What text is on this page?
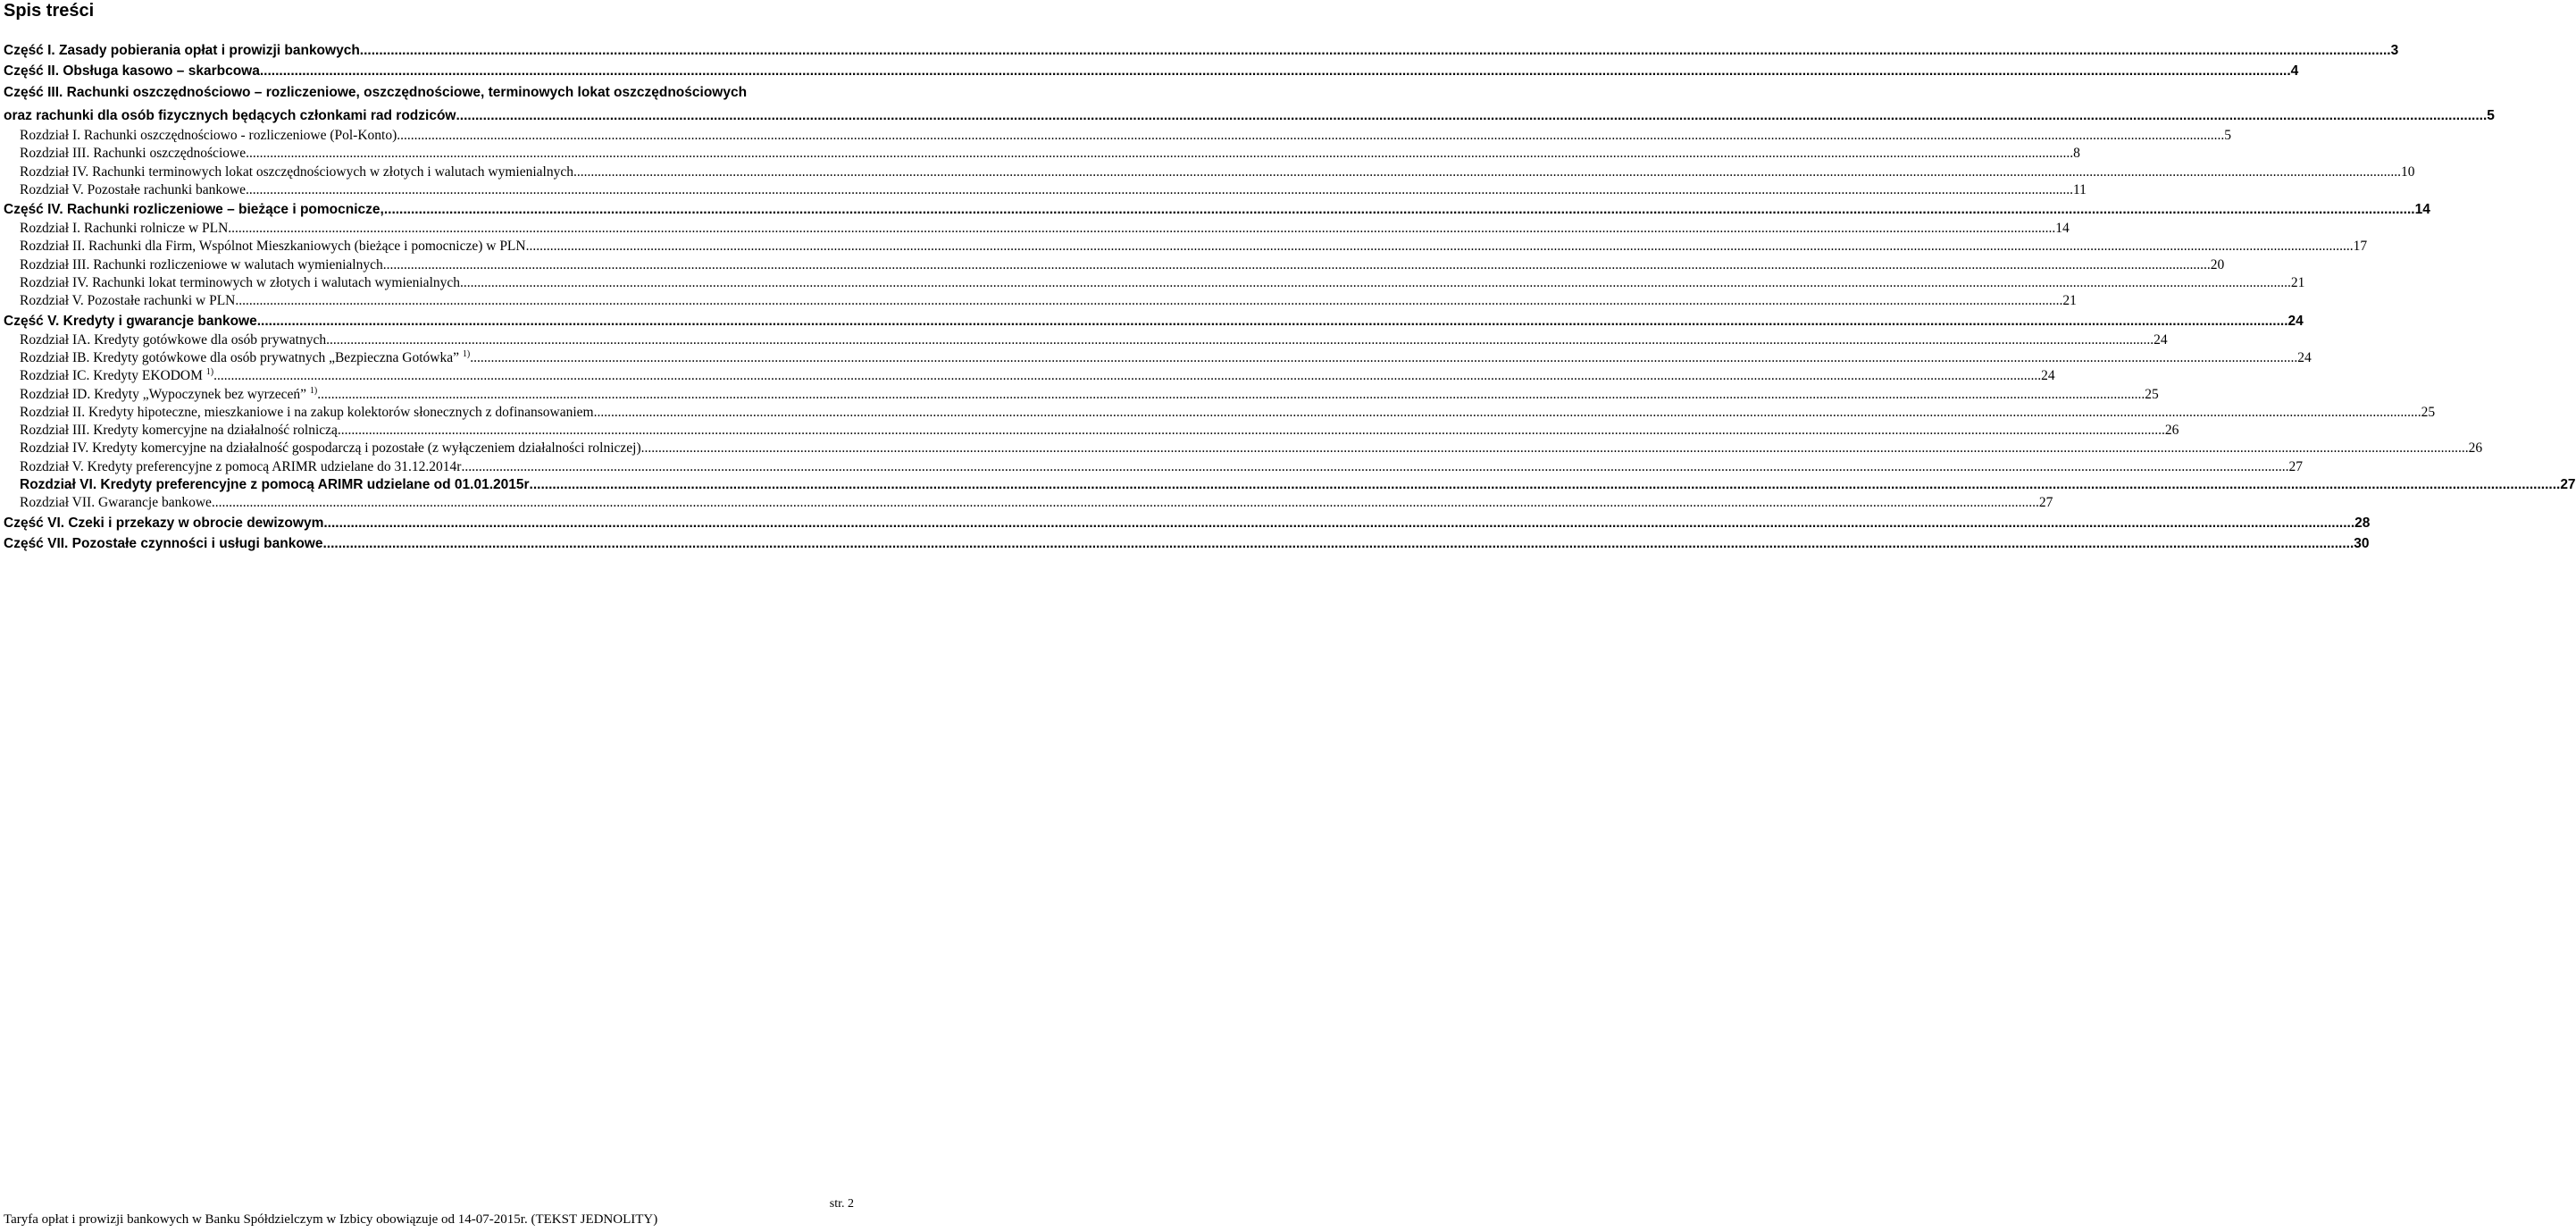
Spis treści
Część I. Zasady pobierania opłat i prowizji bankowych .....	3
Część II. Obsługa kasowo – skarbcowa .....	4
Część III. Rachunki oszczędnościowo – rozliczeniowe, oszczędnościowe, terminowych lokat oszczędnościowych
oraz rachunki dla osób fizycznych będących członkami rad rodziców .....	5
Rozdział I. Rachunki oszczędnościowo - rozliczeniowe (Pol-Konto) .....	5
Rozdział III. Rachunki oszczędnościowe .....	8
Rozdział IV. Rachunki terminowych lokat oszczędnościowych w złotych i walutach wymienialnych .....	10
Rozdział V. Pozostałe rachunki bankowe .....	11
Część IV. Rachunki rozliczeniowe – bieżące i pomocnicze, .....	14
Rozdział I. Rachunki rolnicze w PLN .....	14
Rozdział II. Rachunki dla Firm, Wspólnot Mieszkaniowych (bieżące i pomocnicze) w PLN .....	17
Rozdział III. Rachunki rozliczeniowe w walutach wymienialnych .....	20
Rozdział IV. Rachunki lokat terminowych w złotych i walutach wymienialnych. .....	21
Rozdział V. Pozostałe rachunki w PLN .....	21
Część V. Kredyty i gwarancje bankowe .....	24
Rozdział IA. Kredyty gotówkowe dla osób prywatnych .....	24
Rozdział IB. Kredyty gotówkowe dla osób prywatnych „Bezpieczna Gotówka” $^{1)}$ .....	24
Rozdział IC. Kredyty EKODOM $^{1)}$ .....	24
Rozdział ID. Kredyty „Wypoczynek bez wyrzeceń” $^{1)}$ .....	25
Rozdział II. Kredyty hipoteczne, mieszkaniowe i na zakup kolektorów słonecznych z dofinansowaniem .....	25
Rozdział III. Kredyty komercyjne na działalność rolniczą .....	26
Rozdział IV. Kredyty komercyjne na działalność gospodarczą i pozostałe (z wyłączeniem działalności rolniczej) .....	26
Rozdział V. Kredyty preferencyjne z pomocą ARIMR udzielane do 31.12.2014r .....	27
Rozdział VI. Kredyty preferencyjne z pomocą ARIMR udzielane od 01.01.2015r .....	27
Rozdział VII. Gwarancje bankowe .....	27
Część VI. Czeki i przekazy w obrocie dewizowym .....	28
Część VII. Pozostałe czynności i usługi bankowe .....	30
str. 2
Taryfa opłat i prowizji bankowych w Banku Spółdzielczym w Izbicy obowiązuje od 14-07-2015r. (TEKST JEDNOLITY)
